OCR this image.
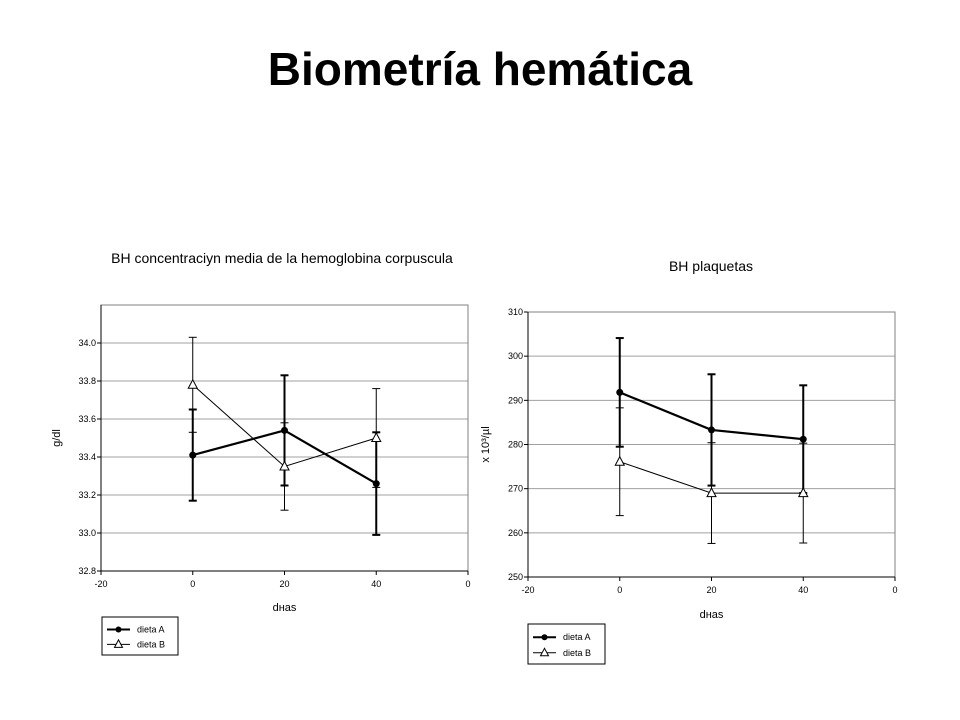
Biometría hemática
BH concentraciyn media de la hemoglobina corpuscula
32.8
33.0
33.2
33.4
33.6
33.8
34.0
-20	0	20	40	0
dнas
g/dl
dieta A
dieta B
BH plaquetas
250
260
270
280
290
300
310
-20	0	20	40	0
dнas
x 10³/µl
dieta A
dieta B
